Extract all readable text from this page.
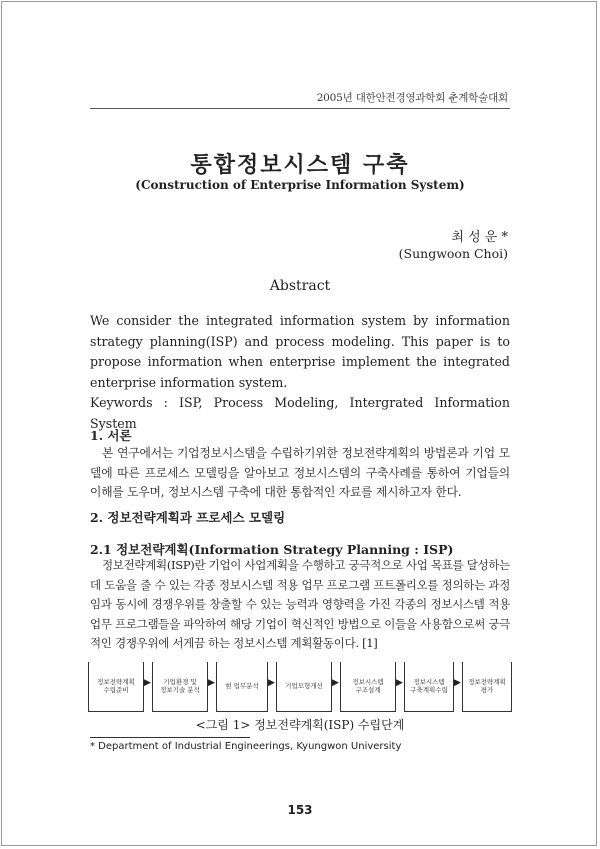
2005년 대한안전경영과학회 춘계학술대회
통합정보시스템 구축
(Construction of Enterprise Information System)
최 성 운 *
(Sungwoon Choi)
Abstract

We consider the integrated information system by information strategy planning(ISP) and process modeling. This paper is to propose information when enterprise implement the integrated enterprise information system.

Keywords : ISP, Process Modeling, Intergrated Information System

1. 서론
본 연구에서는 기업정보시스템을 수립하기위한 정보전략계획의 방법론과 기업 모델에 따른 프로세스 모델링을 알아보고 정보시스템의 구축사례를 통하여 기업들의 이해를 도우며, 정보시스템 구축에 대한 통합적인 자료를 제시하고자 한다.
2. 정보전략계획과 프로세스 모델링
2.1 정보전략계획(Information Strategy Planning : ISP)
정보전략계획(ISP)란 기업이 사업계획을 수행하고 궁극적으로 사업 목표를 달성하는데 도움을 줄 수 있는 각종 정보시스템 적용 업무 프로그램 프트폴리오를 정의하는 과정임과 동시에 경쟁우위를 창출할 수 있는 능력과 영향력을 가진 각종의 정보시스템 적용업무 프로그램들을 파악하여 해당 기업이 혁신적인 방법으로 이들을 사용함으로써 궁극적인 경쟁우위에 서게끔 하는 정보시스템 계획활동이다. [1]
정보전략계획
수립준비
▶	기업환경 및
정보기술 분석
▶	현 업무분석	▶	기업모형개선	▶	정보시스템
구조설계
▶	정보시스템
구축계획수립
▶	정보전략계획
평가
<그림 1> 정보전략계획(ISP) 수립단계
* Department of Industrial Engineerings, Kyungwon University
153
